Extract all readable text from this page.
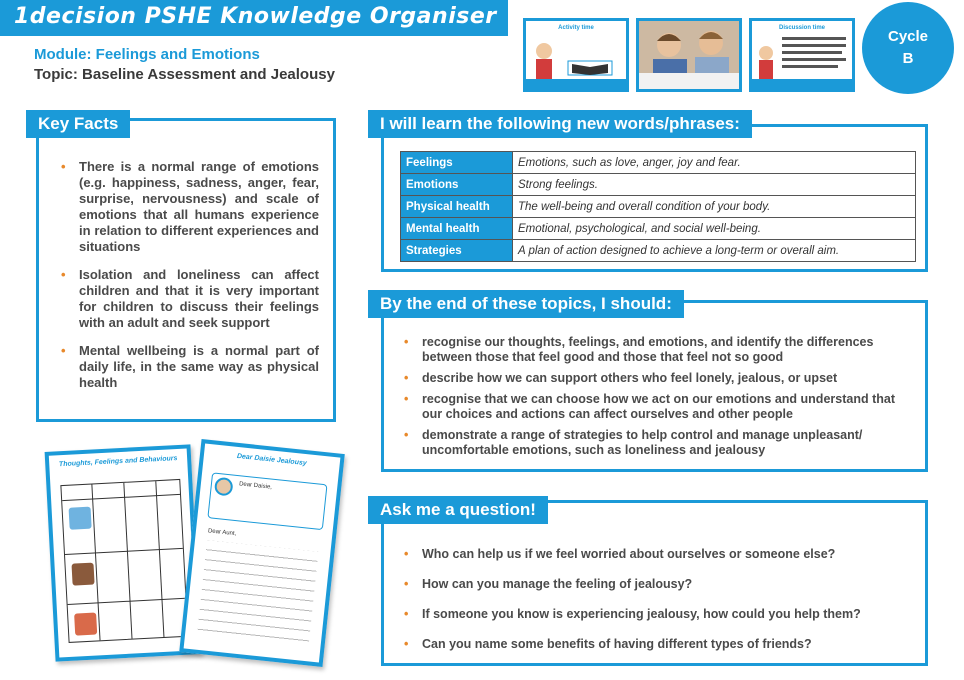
1decision PSHE Knowledge Organiser
Module: Feelings and Emotions
Topic: Baseline Assessment and Jealousy
Activity time	Discussion time	Cycle
B
• There is a normal range of emotions (e.g. happiness, sadness, anger, fear, surprise, nervousness) and scale of emotions that all humans experience in relation to different experiences and situations
• Isolation and loneliness can affect children and that it is very important for children to discuss their feelings with an adult and seek support
• Mental wellbeing is a normal part of daily life, in the same way as physical health
Key Facts
Feelings	Emotions, such as love, anger, joy and fear.
Emotions	Strong feelings.
Physical health	The well-being and overall condition of your body.
Mental health	Emotional, psychological, and social well-being.
Strategies	A plan of action designed to achieve a long-term or overall aim.
I will learn the following new words/phrases:
• recognise our thoughts, feelings, and emotions, and identify the differences between those that feel good and those that feel not so good
• describe how we can support others who feel lonely, jealous, or upset
• recognise that we can choose how we act on our emotions and understand that our choices and actions can affect ourselves and other people
• demonstrate a range of strategies to help control and manage unpleasant/ uncomfortable emotions, such as loneliness and jealousy
By the end of these topics, I should:
• Who can help us if we feel worried about ourselves or someone else?
• How can you manage the feeling of jealousy?
• If someone you know is experiencing jealousy, how could you help them?
• Can you name some benefits of having different types of friends?
Ask me a question!
Thoughts, Feelings and Behaviours	Dear Daisie Jealousy
Dear Daisie,
Dear Aunt,
